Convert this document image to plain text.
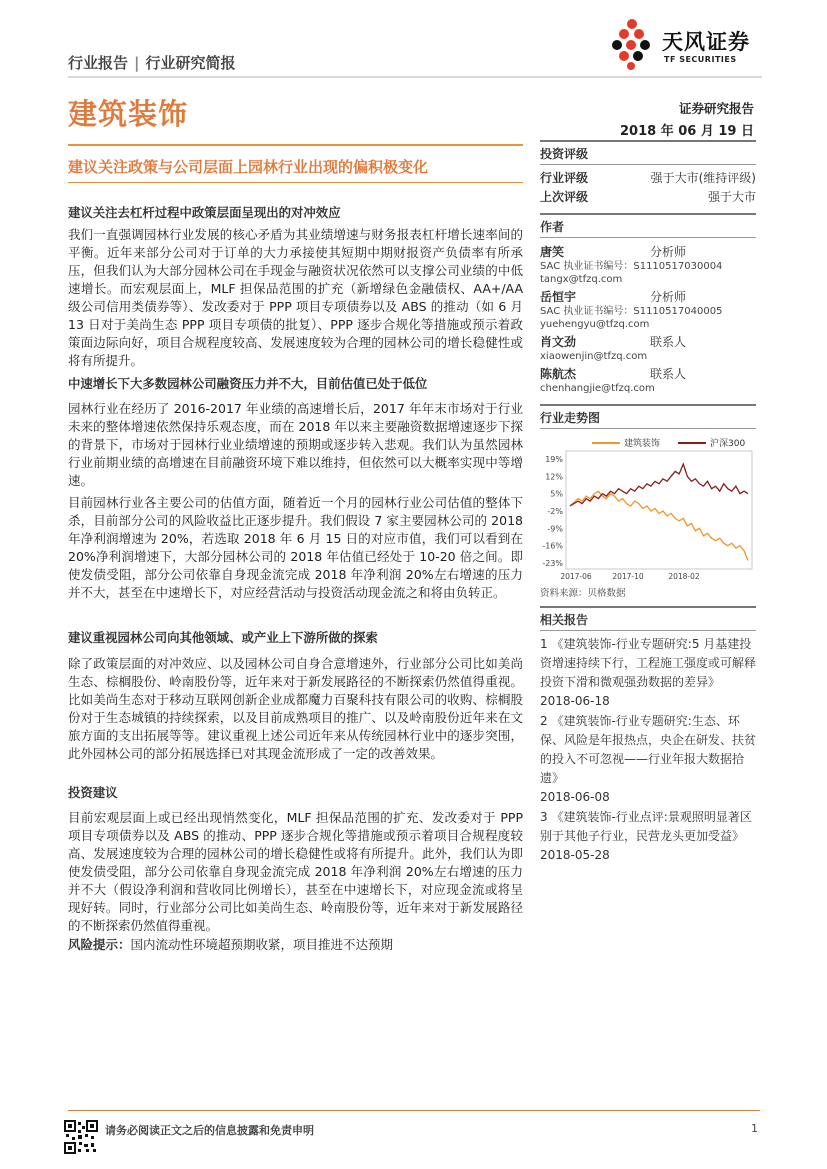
行业报告 | 行业研究简报
天风证券
TF SECURITIES
建筑装饰	证券研究报告
2018 年 06 月 19 日
建议关注政策与公司层面上园林行业出现的偏积极变化
建议关注去杠杆过程中政策层面呈现出的对冲效应

我们一直强调园林行业发展的核心矛盾为其业绩增速与财务报表杠杆增长速率间的平衡。近年来部分公司对于订单的大力承接使其短期中期财报资产负债率有所承压，但我们认为大部分园林公司在手现金与融资状况依然可以支撑公司业绩的中低速增长。而宏观层面上，MLF 担保品范围的扩充（新增绿色金融债权、AA+/AA 级公司信用类债券等）、发改委对于 PPP 项目专项债券以及 ABS 的推动（如 6 月 13 日对于美尚生态 PPP 项目专项债的批复）、PPP 逐步合规化等措施或预示着政策面边际向好，项目合规程度较高、发展速度较为合理的园林公司的增长稳健性或将有所提升。

中速增长下大多数园林公司融资压力并不大，目前估值已处于低位

园林行业在经历了 2016-2017 年业绩的高速增长后，2017 年年末市场对于行业未来的整体增速依然保持乐观态度，而在 2018 年以来主要融资数据增速逐步下探的背景下，市场对于园林行业业绩增速的预期或逐步转入悲观。我们认为虽然园林行业前期业绩的高增速在目前融资环境下难以维持，但依然可以大概率实现中等增速。

目前园林行业各主要公司的估值方面，随着近一个月的园林行业公司估值的整体下杀，目前部分公司的风险收益比正逐步提升。我们假设 7 家主要园林公司的 2018 年净利润增速为 20%，若选取 2018 年 6 月 15 日的对应市值，我们可以看到在 20%净利润增速下，大部分园林公司的 2018 年估值已经处于 10-20 倍之间。即使发债受阻，部分公司依靠自身现金流完成 2018 年净利润 20%左右增速的压力并不大，甚至在中速增长下，对应经营活动与投资活动现金流之和将由负转正。

建议重视园林公司向其他领域、或产业上下游所做的探索

除了政策层面的对冲效应、以及园林公司自身合意增速外，行业部分公司比如美尚生态、棕榈股份、岭南股份等，近年来对于新发展路径的不断探索仍然值得重视。比如美尚生态对于移动互联网创新企业成都魔力百聚科技有限公司的收购、棕榈股份对于生态城镇的持续探索，以及目前成熟项目的推广、以及岭南股份近年来在文旅方面的支出拓展等等。建议重视上述公司近年来从传统园林行业中的逐步突围，此外园林公司的部分拓展选择已对其现金流形成了一定的改善效果。

投资建议

目前宏观层面上或已经出现悄然变化，MLF 担保品范围的扩充、发改委对于 PPP 项目专项债券以及 ABS 的推动、PPP 逐步合规化等措施或预示着项目合规程度较高、发展速度较为合理的园林公司的增长稳健性或将有所提升。此外，我们认为即使发债受阻，部分公司依靠自身现金流完成 2018 年净利润 20%左右增速的压力并不大（假设净利润和营收同比例增长），甚至在中速增长下，对应现金流或将呈现好转。同时，行业部分公司比如美尚生态、岭南股份等，近年来对于新发展路径的不断探索仍然值得重视。

风险提示：国内流动性环境超预期收紧，项目推进不达预期
投资评级
行业评级	强于大市(维持评级)
上次评级	强于大市
作者
唐笑	分析师
SAC 执业证书编号：S1110517030004
tangx@tfzq.com
岳恒宇	分析师
SAC 执业证书编号：S1110517040005
yuehengyu@tfzq.com
肖文劲	联系人
xiaowenjin@tfzq.com
陈航杰	联系人
chenhangjie@tfzq.com
行业走势图
建筑装饰	沪深300
19%
12%
5%
-2%
-9%
-16%
-23%
2017-06	2017-10	2018-02
资料来源：贝格数据
相关报告
1 《建筑装饰-行业专题研究:5 月基建投资增速持续下行，工程施工强度或可解释投资下滑和微观强劲数据的差异》
2018-06-18
2 《建筑装饰-行业专题研究:生态、环保、风险是年报热点，央企在研发、扶贫的投入不可忽视——行业年报大数据拾遗》
2018-06-08
3 《建筑装饰-行业点评:景观照明显著区别于其他子行业，民营龙头更加受益》
2018-05-28
请务必阅读正文之后的信息披露和免责申明	1
